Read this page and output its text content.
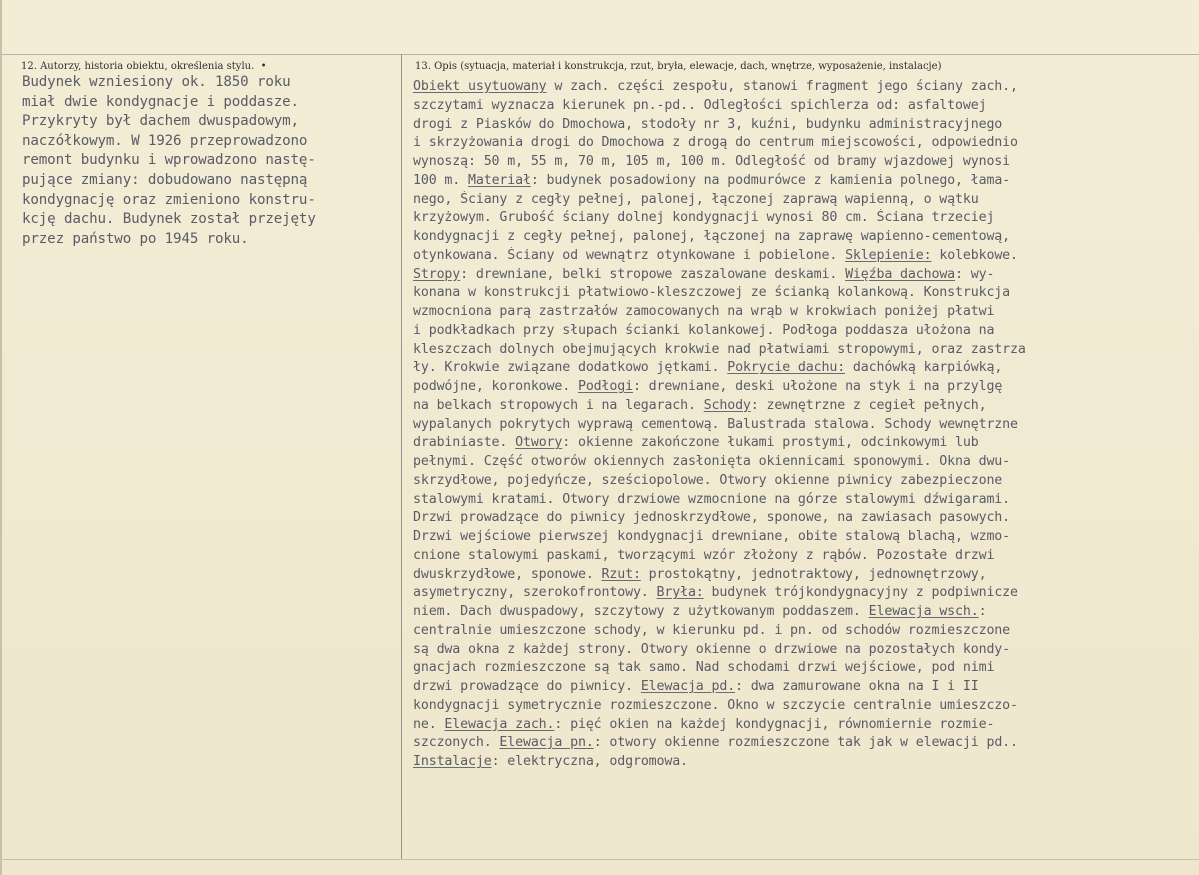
12. Autorzy, historia obiektu, określenia stylu. •
Budynek wzniesiony ok. 1850 roku
miał dwie kondygnacje i poddasze.
Przykryty był dachem dwuspadowym,
naczółkowym. W 1926 przeprowadzono
remont budynku i wprowadzono nastę-
pujące zmiany: dobudowano następną
kondygnację oraz zmieniono konstru-
kcję dachu. Budynek został przejęty
przez państwo po 1945 roku.
13. Opis (sytuacja, materiał i konstrukcja, rzut, bryła, elewacje, dach, wnętrze, wyposażenie, instalacje)
Obiekt usytuowany w zach. części zespołu, stanowi fragment jego ściany zach.,
szczytami wyznacza kierunek pn.-pd.. Odległości spichlerza od: asfaltowej
drogi z Piasków do Dmochowa, stodoły nr 3, kuźni, budynku administracyjnego
i skrzyżowania drogi do Dmochowa z drogą do centrum miejscowości, odpowiednio
wynoszą: 50 m, 55 m, 70 m, 105 m, 100 m. Odległość od bramy wjazdowej wynosi
100 m. Materiał: budynek posadowiony na podmurówce z kamienia polnego, łama-
nego, Ściany z cegły pełnej, palonej, łączonej zaprawą wapienną, o wątku
krzyżowym. Grubość ściany dolnej kondygnacji wynosi 80 cm. Ściana trzeciej
kondygnacji z cegły pełnej, palonej, łączonej na zaprawę wapienno-cementową,
otynkowana. Ściany od wewnątrz otynkowane i pobielone. Sklepienie: kolebkowe.
Stropy: drewniane, belki stropowe zaszalowane deskami. Więźba dachowa: wy-
konana w konstrukcji płatwiowo-kleszczowej ze ścianką kolankową. Konstrukcja
wzmocniona parą zastrzałów zamocowanych na wrąb w krokwiach poniżej płatwi
i podkładkach przy słupach ścianki kolankowej. Podłoga poddasza ułożona na
kleszczach dolnych obejmujących krokwie nad płatwiami stropowymi, oraz zastrza
ły. Krokwie związane dodatkowo jętkami. Pokrycie dachu: dachówką karpiówką,
podwójne, koronkowe. Podłogi: drewniane, deski ułożone na styk i na przylgę
na belkach stropowych i na legarach. Schody: zewnętrzne z cegieł pełnych,
wypalanych pokrytych wyprawą cementową. Balustrada stalowa. Schody wewnętrzne
drabiniaste. Otwory: okienne zakończone łukami prostymi, odcinkowymi lub
pełnymi. Część otworów okiennych zasłonięta okiennicami sponowymi. Okna dwu-
skrzydłowe, pojedyńcze, sześciopolowe. Otwory okienne piwnicy zabezpieczone
stalowymi kratami. Otwory drzwiowe wzmocnione na górze stalowymi dźwigarami.
Drzwi prowadzące do piwnicy jednoskrzydłowe, sponowe, na zawiasach pasowych.
Drzwi wejściowe pierwszej kondygnacji drewniane, obite stalową blachą, wzmo-
cnione stalowymi paskami, tworzącymi wzór złożony z rąbów. Pozostałe drzwi
dwuskrzydłowe, sponowe. Rzut: prostokątny, jednotraktowy, jednownętrzowy,
asymetryczny, szerokofrontowy. Bryła: budynek trójkondygnacyjny z podpiwnicze
niem. Dach dwuspadowy, szczytowy z użytkowanym poddaszem. Elewacja wsch.:
centralnie umieszczone schody, w kierunku pd. i pn. od schodów rozmieszczone
są dwa okna z każdej strony. Otwory okienne o drzwiowe na pozostałych kondy-
gnacjach rozmieszczone są tak samo. Nad schodami drzwi wejściowe, pod nimi
drzwi prowadzące do piwnicy. Elewacja pd.: dwa zamurowane okna na I i II
kondygnacji symetrycznie rozmieszczone. Okno w szczycie centralnie umieszczo-
ne. Elewacja zach.: pięć okien na każdej kondygnacji, równomiernie rozmie-
szczonych. Elewacja pn.: otwory okienne rozmieszczone tak jak w elewacji pd..
Instalacje: elektryczna, odgromowa.
